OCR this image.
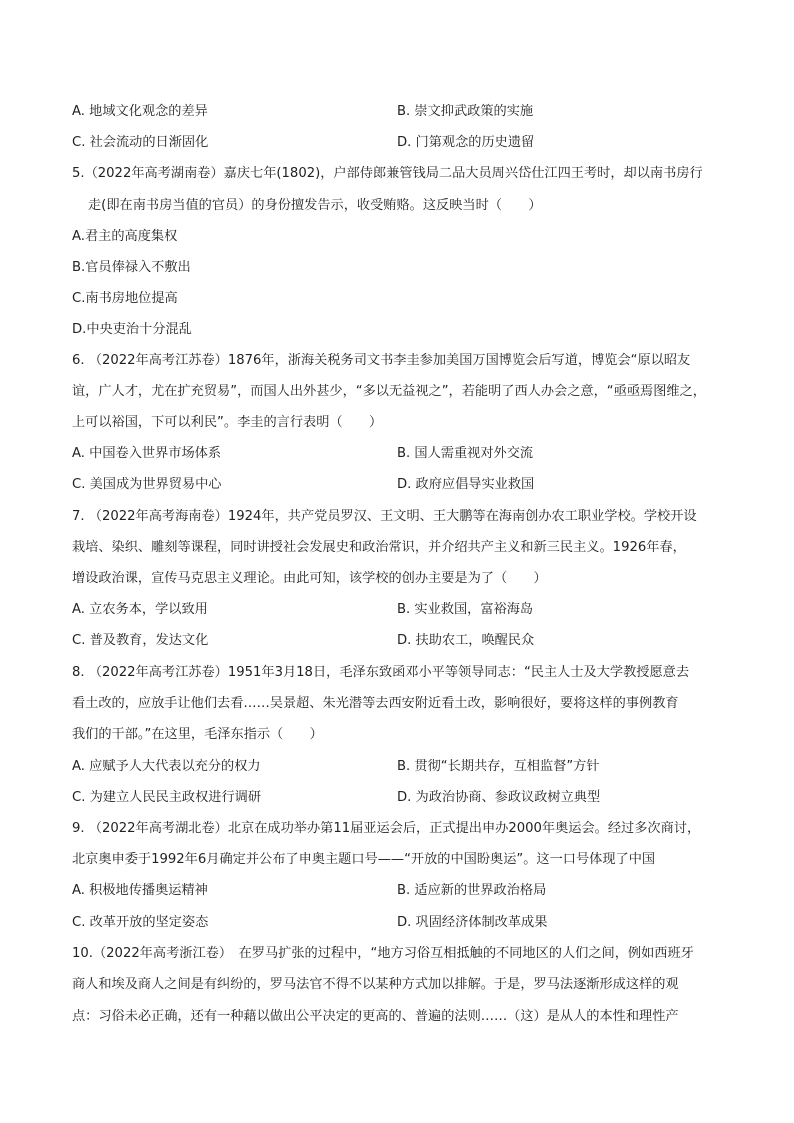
A. 地域文化观念的差异	B. 崇文抑武政策的实施
C. 社会流动的日渐固化	D. 门第观念的历史遗留
5.（2022年高考湖南卷）嘉庆七年(1802)，户部侍郎兼管钱局二品大员周兴岱仕江四王考时，却以南书房行
走(即在南书房当值的官员）的身份擅发告示，收受贿赂。这反映当时（　　）
A.君主的高度集权
B.官员俸禄入不敷出
C.南书房地位提高
D.中央吏治十分混乱
6. （2022年高考江苏卷）1876年，浙海关税务司文书李圭参加美国万国博览会后写道，博览会“原以昭友
谊，广人才，尤在扩充贸易”，而国人出外甚少，“多以无益视之”，若能明了西人办会之意，“亟亟焉图维之，
上可以裕国，下可以利民”。李圭的言行表明（　　）
A. 中国卷入世界市场体系	B. 国人需重视对外交流
C. 美国成为世界贸易中心	D. 政府应倡导实业救国
7. （2022年高考海南卷）1924年，共产党员罗汉、王文明、王大鹏等在海南创办农工职业学校。学校开设
栽培、染织、雕刻等课程，同时讲授社会发展史和政治常识，并介绍共产主义和新三民主义。1926年春，
增设政治课，宣传马克思主义理论。由此可知，该学校的创办主要是为了（　　）
A. 立农务本，学以致用	B. 实业救国，富裕海岛
C. 普及教育，发达文化	D. 扶助农工，唤醒民众
8. （2022年高考江苏卷）1951年3月18日，毛泽东致函邓小平等领导同志：“民主人士及大学教授愿意去
看土改的，应放手让他们去看……吴景超、朱光潜等去西安附近看土改，影响很好，要将这样的事例教育
我们的干部。”在这里，毛泽东指示（　　）
A. 应赋予人大代表以充分的权力	B. 贯彻“长期共存，互相监督”方针
C. 为建立人民民主政权进行调研	D. 为政治协商、参政议政树立典型
9. （2022年高考湖北卷）北京在成功举办第11届亚运会后，正式提出申办2000年奥运会。经过多次商讨，
北京奥申委于1992年6月确定并公布了申奥主题口号——“开放的中国盼奥运”。这一口号体现了中国
A. 积极地传播奥运精神	B. 适应新的世界政治格局
C. 改革开放的坚定姿态	D. 巩固经济体制改革成果
10.（2022年高考浙江卷）　在罗马扩张的过程中，“地方习俗互相抵触的不同地区的人们之间，例如西班牙
商人和埃及商人之间是有纠纷的，罗马法官不得不以某种方式加以排解。于是，罗马法逐渐形成这样的观
点：习俗未必正确，还有一种藉以做出公平决定的更高的、普遍的法则……（这）是从人的本性和理性产
